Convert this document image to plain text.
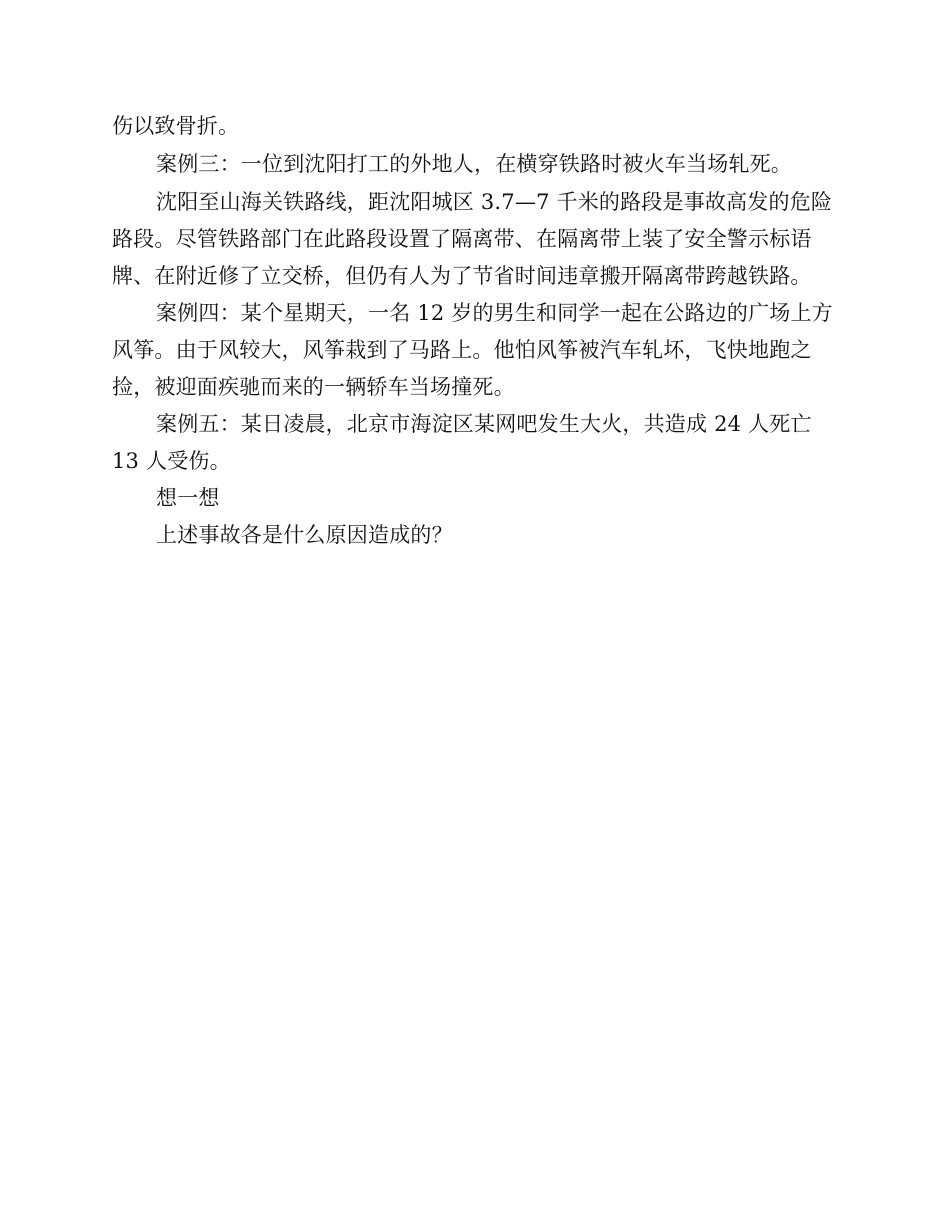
伤以致骨折。
案例三：一位到沈阳打工的外地人，在横穿铁路时被火车当场轧死。
沈阳至山海关铁路线，距沈阳城区 3.7—7 千米的路段是事故高发的危险
路段。尽管铁路部门在此路段设置了隔离带、在隔离带上装了安全警示标语
牌、在附近修了立交桥，但仍有人为了节省时间违章搬开隔离带跨越铁路。
案例四：某个星期天，一名 12 岁的男生和同学一起在公路边的广场上方
风筝。由于风较大，风筝栽到了马路上。他怕风筝被汽车轧坏，飞快地跑之
捡，被迎面疾驰而来的一辆轿车当场撞死。
案例五：某日凌晨，北京市海淀区某网吧发生大火，共造成 24 人死亡
13 人受伤。
想一想
上述事故各是什么原因造成的？
